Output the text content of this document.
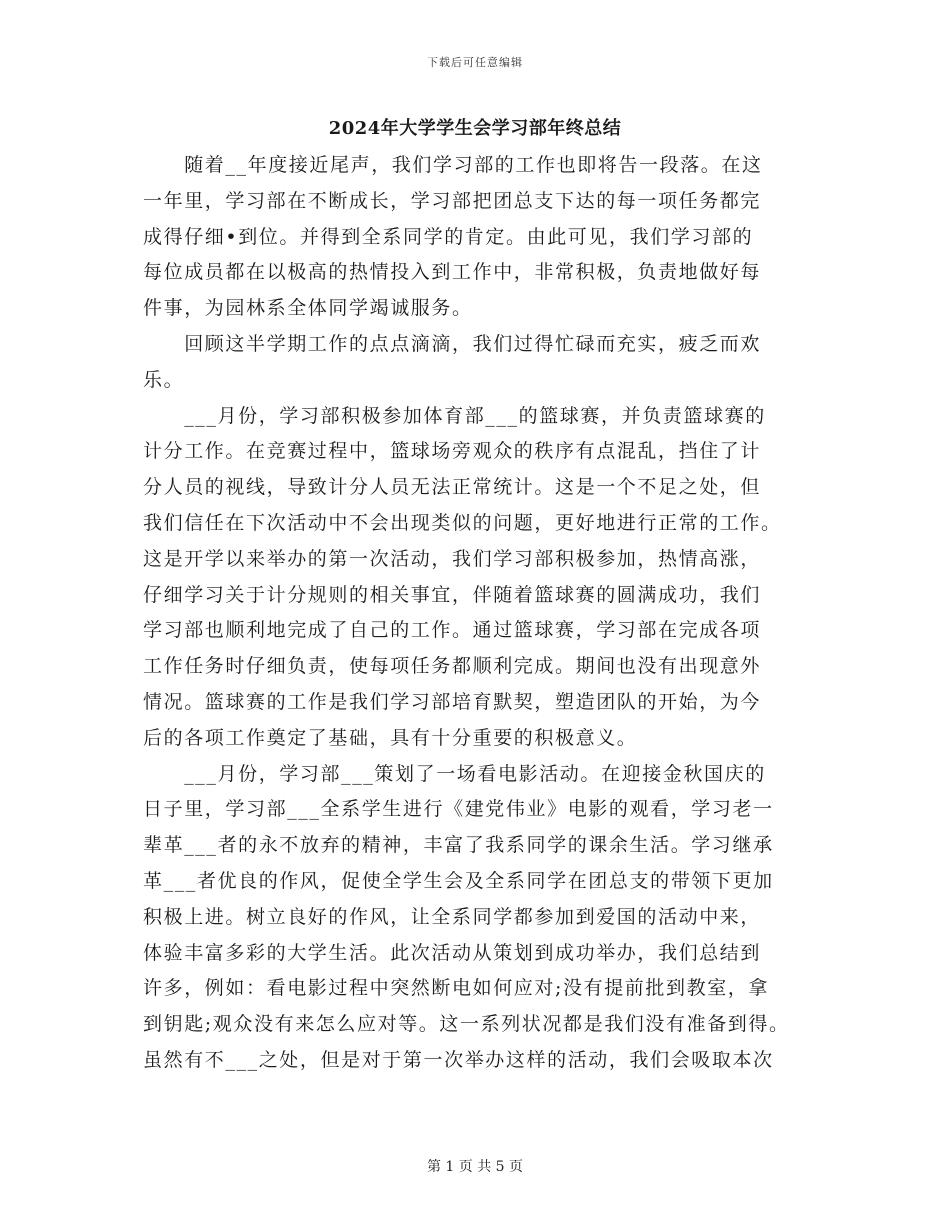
下载后可任意编辑
2024年大学学生会学习部年终总结
　　随着__年度接近尾声，我们学习部的工作也即将告一段落。在这
一年里，学习部在不断成长，学习部把团总支下达的每一项任务都完
成得仔细•到位。并得到全系同学的肯定。由此可见，我们学习部的
每位成员都在以极高的热情投入到工作中，非常积极，负责地做好每
件事，为园林系全体同学竭诚服务。
　　回顾这半学期工作的点点滴滴，我们过得忙碌而充实，疲乏而欢
乐。
　　___月份，学习部积极参加体育部___的篮球赛，并负责篮球赛的
计分工作。在竞赛过程中，篮球场旁观众的秩序有点混乱，挡住了计
分人员的视线，导致计分人员无法正常统计。这是一个不足之处，但
我们信任在下次活动中不会出现类似的问题，更好地进行正常的工作。
这是开学以来举办的第一次活动，我们学习部积极参加，热情高涨，
仔细学习关于计分规则的相关事宜，伴随着篮球赛的圆满成功，我们
学习部也顺利地完成了自己的工作。通过篮球赛，学习部在完成各项
工作任务时仔细负责，使每项任务都顺利完成。期间也没有出现意外
情况。篮球赛的工作是我们学习部培育默契，塑造团队的开始，为今
后的各项工作奠定了基础，具有十分重要的积极意义。
　　___月份，学习部___策划了一场看电影活动。在迎接金秋国庆的
日子里，学习部___全系学生进行《建党伟业》电影的观看，学习老一
辈革___者的永不放弃的精神，丰富了我系同学的课余生活。学习继承
革___者优良的作风，促使全学生会及全系同学在团总支的带领下更加
积极上进。树立良好的作风，让全系同学都参加到爱国的活动中来，
体验丰富多彩的大学生活。此次活动从策划到成功举办，我们总结到
许多，例如：看电影过程中突然断电如何应对;没有提前批到教室，拿
到钥匙;观众没有来怎么应对等。这一系列状况都是我们没有准备到得。
虽然有不___之处，但是对于第一次举办这样的活动，我们会吸取本次
第 1 页 共 5 页
